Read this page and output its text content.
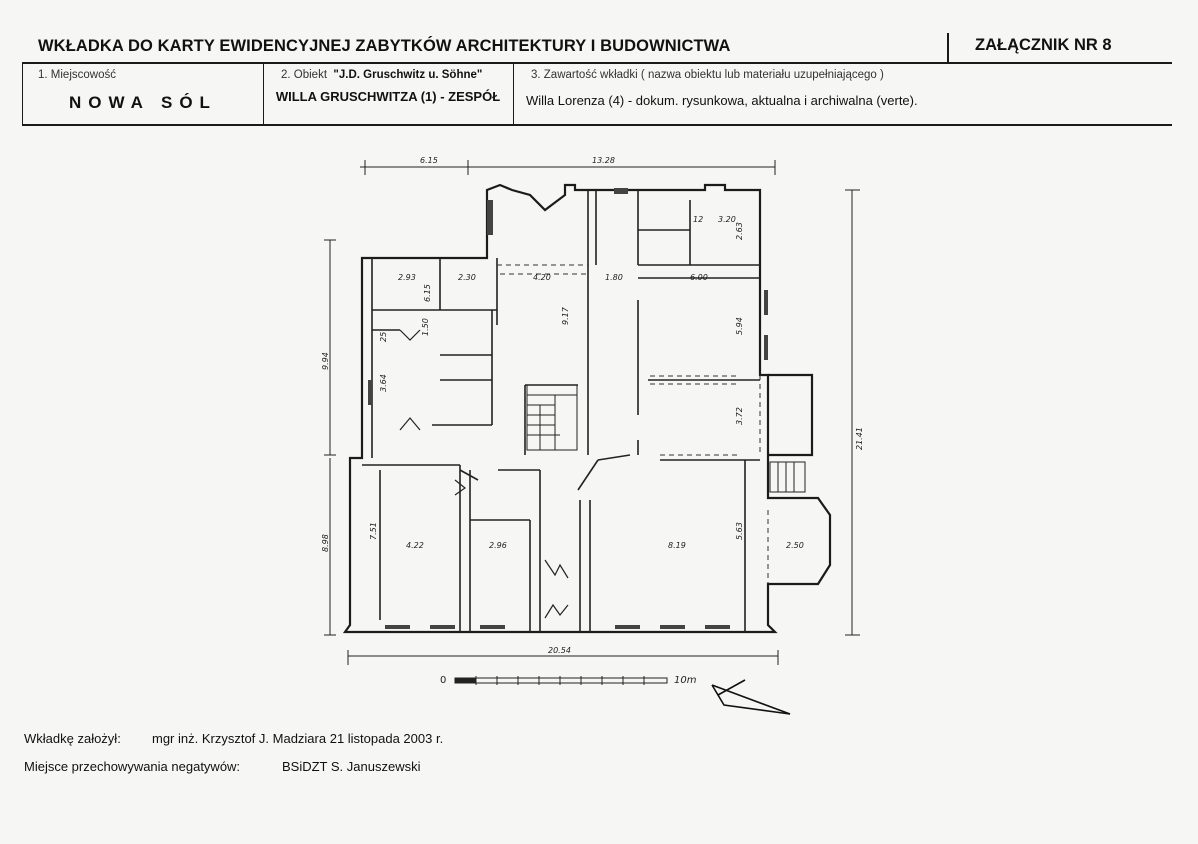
WKŁADKA DO KARTY EWIDENCYJNEJ ZABYTKÓW ARCHITEKTURY I BUDOWNICTWA	ZAŁĄCZNIK NR 8
1. Miejscowość
NOWA SÓL
2. Obiekt "J.D. Gruschwitz u. Söhne"
WILLA GRUSCHWITZA (1) - ZESPÓŁ
3. Zawartość wkładki ( nazwa obiektu lub materiału uzupełniającego )
Willa Lorenza (4) - dokum. rysunkowa, aktualna i archiwalna (verte).
6.15	13.28
21.41
9.94
8.98
20.54
2.93	2.30	4.20	1.80	6.00
3.20
12
6.15
1.50
3.64
25
9.17
5.94
3.72
2.63
7.51
4.22	2.96	8.19
5.63
2.50
0	10m
Wkładkę założył: mgr inż. Krzysztof J. Madziara 21 listopada 2003 r.
Miejsce przechowywania negatywów:	BSiDZT S. Januszewski
